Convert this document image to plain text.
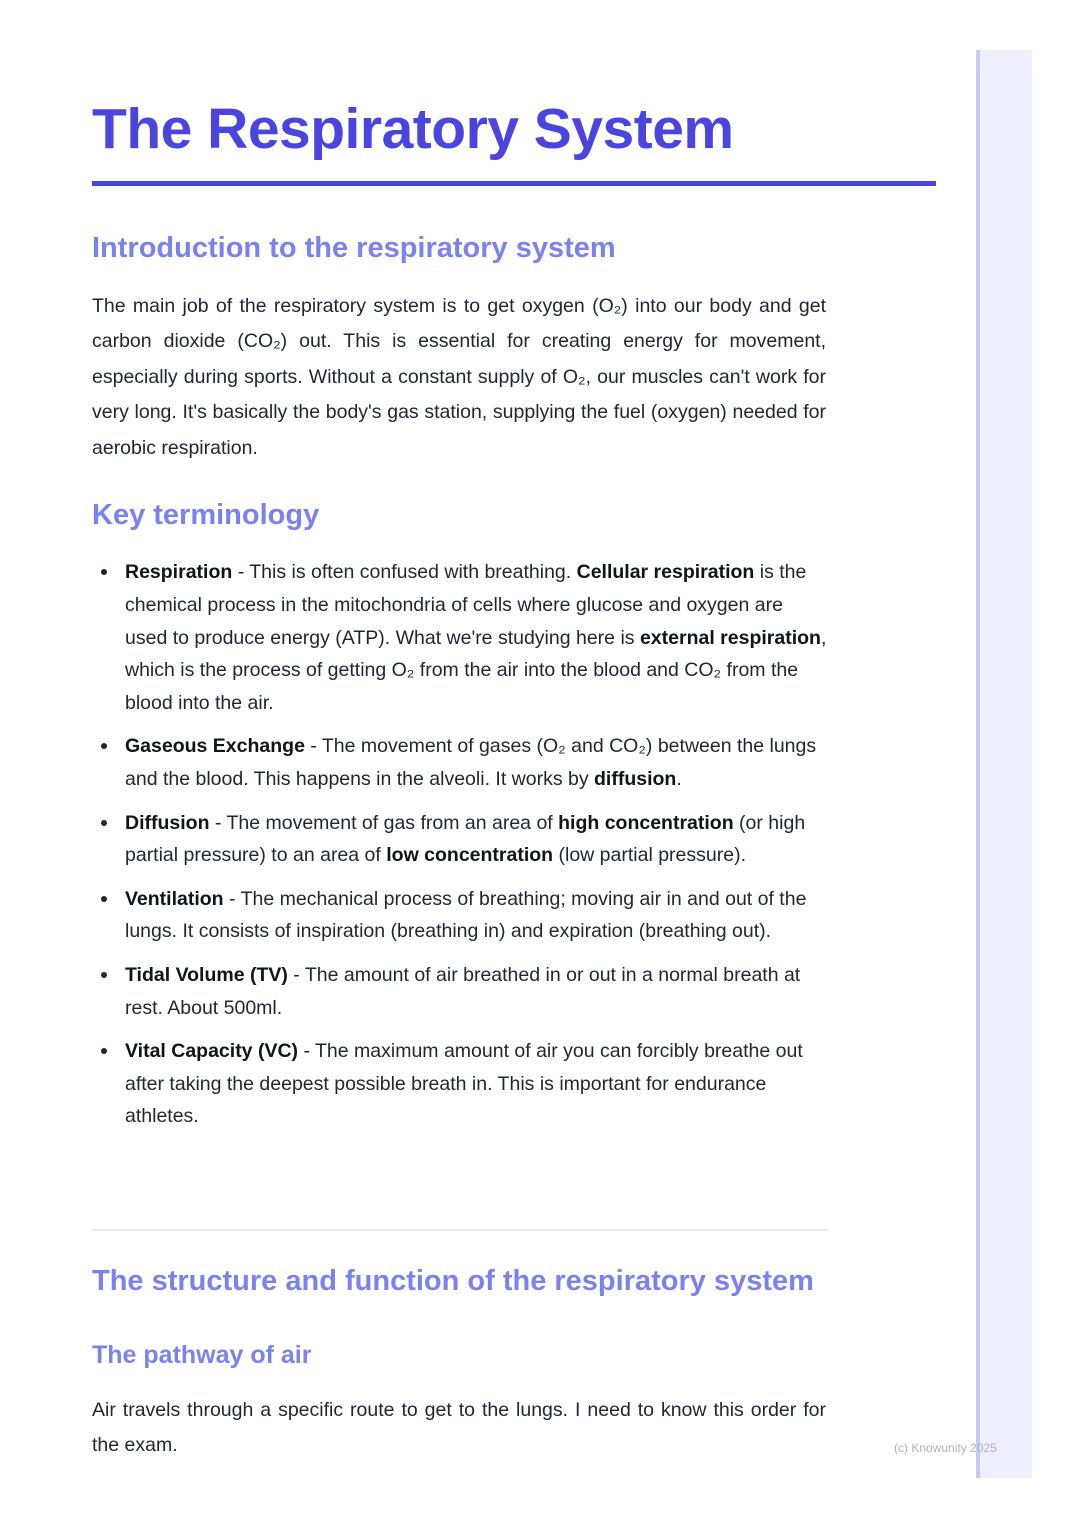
The Respiratory System
Introduction to the respiratory system

The main job of the respiratory system is to get oxygen (O₂) into our body and get carbon dioxide (CO₂) out. This is essential for creating energy for movement, especially during sports. Without a constant supply of O₂, our muscles can't work for very long. It's basically the body's gas station, supplying the fuel (oxygen) needed for aerobic respiration.

Key terminology
Respiration - This is often confused with breathing. Cellular respiration is the chemical process in the mitochondria of cells where glucose and oxygen are used to produce energy (ATP). What we're studying here is external respiration, which is the process of getting O₂ from the air into the blood and CO₂ from the blood into the air.
Gaseous Exchange - The movement of gases (O₂ and CO₂) between the lungs and the blood. This happens in the alveoli. It works by diffusion.
Diffusion - The movement of gas from an area of high concentration (or high partial pressure) to an area of low concentration (low partial pressure).
Ventilation - The mechanical process of breathing; moving air in and out of the lungs. It consists of inspiration (breathing in) and expiration (breathing out).
Tidal Volume (TV) - The amount of air breathed in or out in a normal breath at rest. About 500ml.
Vital Capacity (VC) - The maximum amount of air you can forcibly breathe out after taking the deepest possible breath in. This is important for endurance athletes.
The structure and function of the respiratory system
The pathway of air

Air travels through a specific route to get to the lungs. I need to know this order for the exam.	(c) Knowunity 2025
